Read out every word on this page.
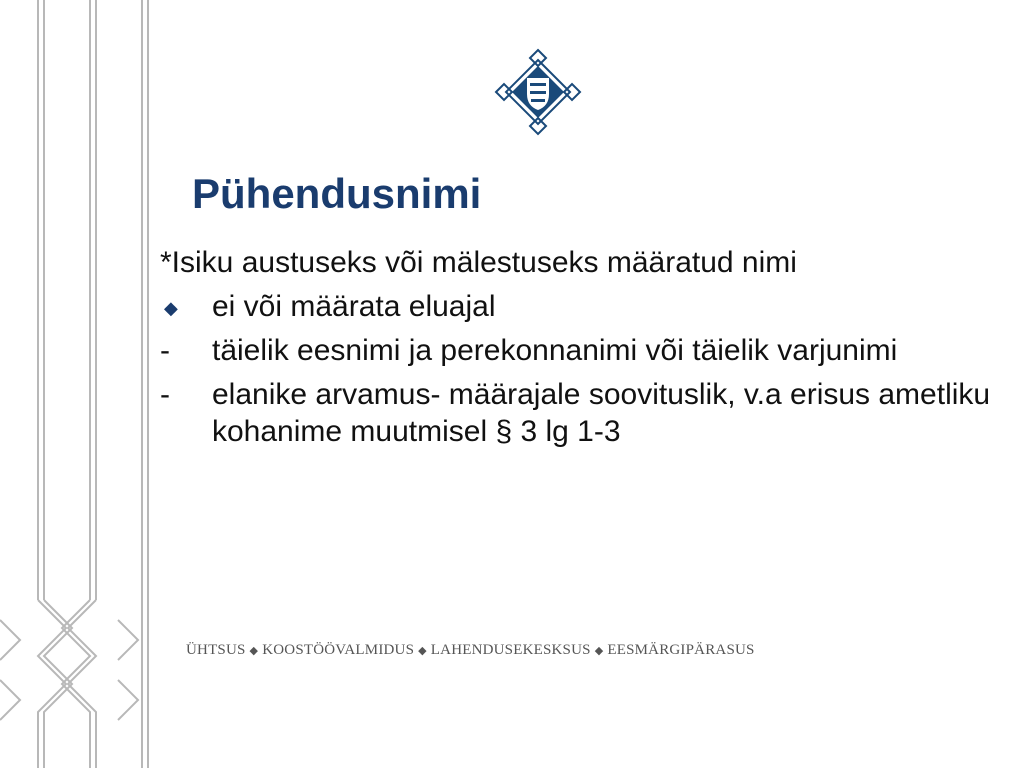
Pühendusnimi
*Isiku austuseks või mälestuseks määratud nimi
◆	ei või määrata eluajal
-	täielik eesnimi ja perekonnanimi või täielik varjunimi
-	elanike arvamus- määrajale soovituslik, v.a erisus ametliku kohanime muutmisel § 3 lg 1-3
ÜHTSUS ◆ KOOSTÖÖVALMIDUS ◆ LAHENDUSEKESKSUS ◆ EESMÄRGIPÄRASUS
